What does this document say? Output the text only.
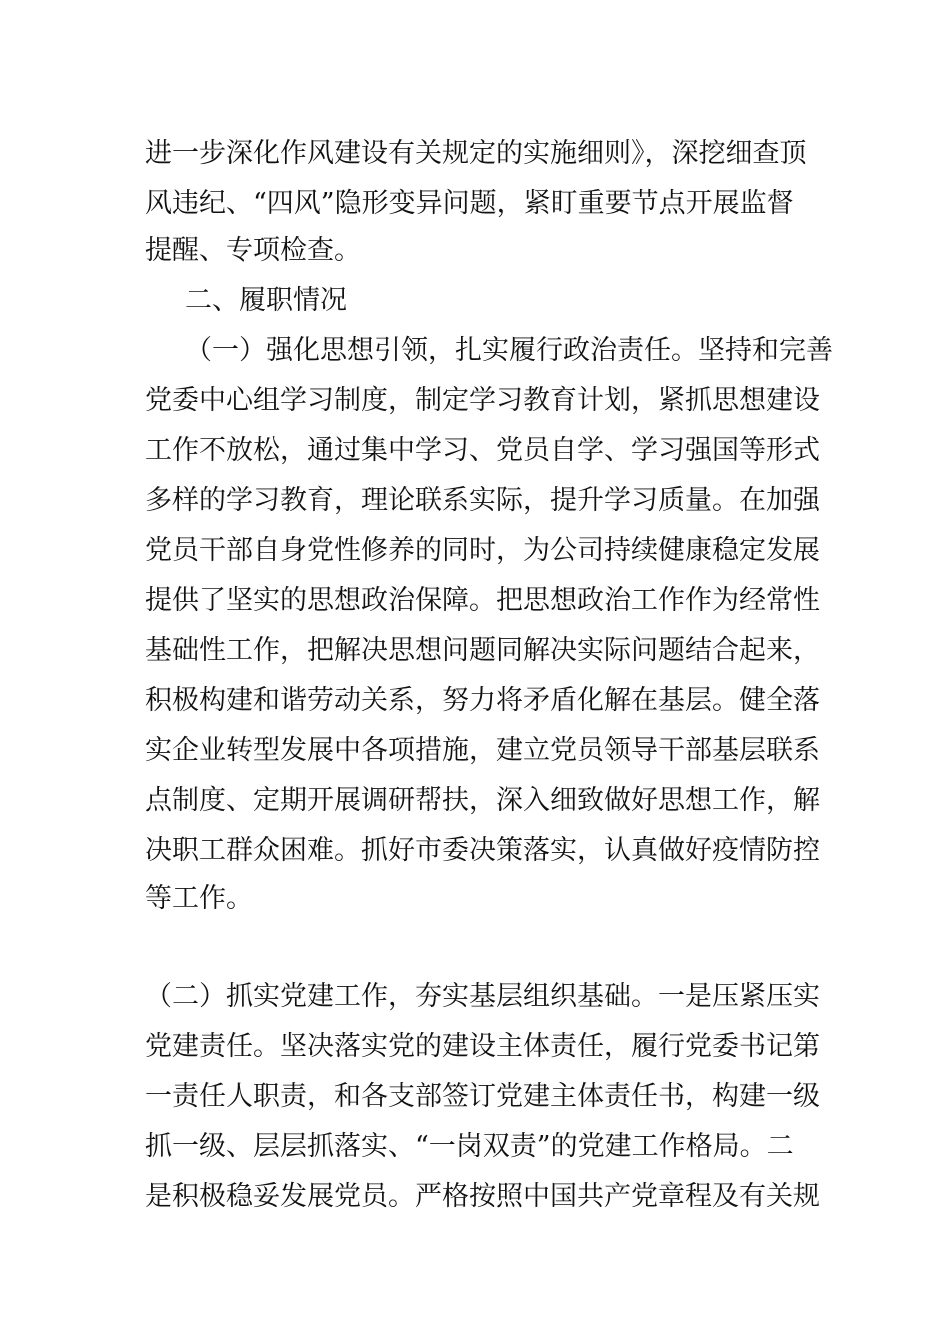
进一步深化作风建设有关规定的实施细则》，深挖细查顶
风违纪、“四风”隐形变异问题，紧盯重要节点开展监督
提醒、专项检查。
二、履职情况
（一）强化思想引领，扎实履行政治责任。坚持和完善
党委中心组学习制度，制定学习教育计划，紧抓思想建设
工作不放松，通过集中学习、党员自学、学习强国等形式
多样的学习教育，理论联系实际，提升学习质量。在加强
党员干部自身党性修养的同时，为公司持续健康稳定发展
提供了坚实的思想政治保障。把思想政治工作作为经常性
基础性工作，把解决思想问题同解决实际问题结合起来，
积极构建和谐劳动关系，努力将矛盾化解在基层。健全落
实企业转型发展中各项措施，建立党员领导干部基层联系
点制度、定期开展调研帮扶，深入细致做好思想工作，解
决职工群众困难。抓好市委决策落实，认真做好疫情防控
等工作。
（二）抓实党建工作，夯实基层组织基础。一是压紧压实
党建责任。坚决落实党的建设主体责任，履行党委书记第
一责任人职责，和各支部签订党建主体责任书，构建一级
抓一级、层层抓落实、“一岗双责”的党建工作格局。二
是积极稳妥发展党员。严格按照中国共产党章程及有关规
